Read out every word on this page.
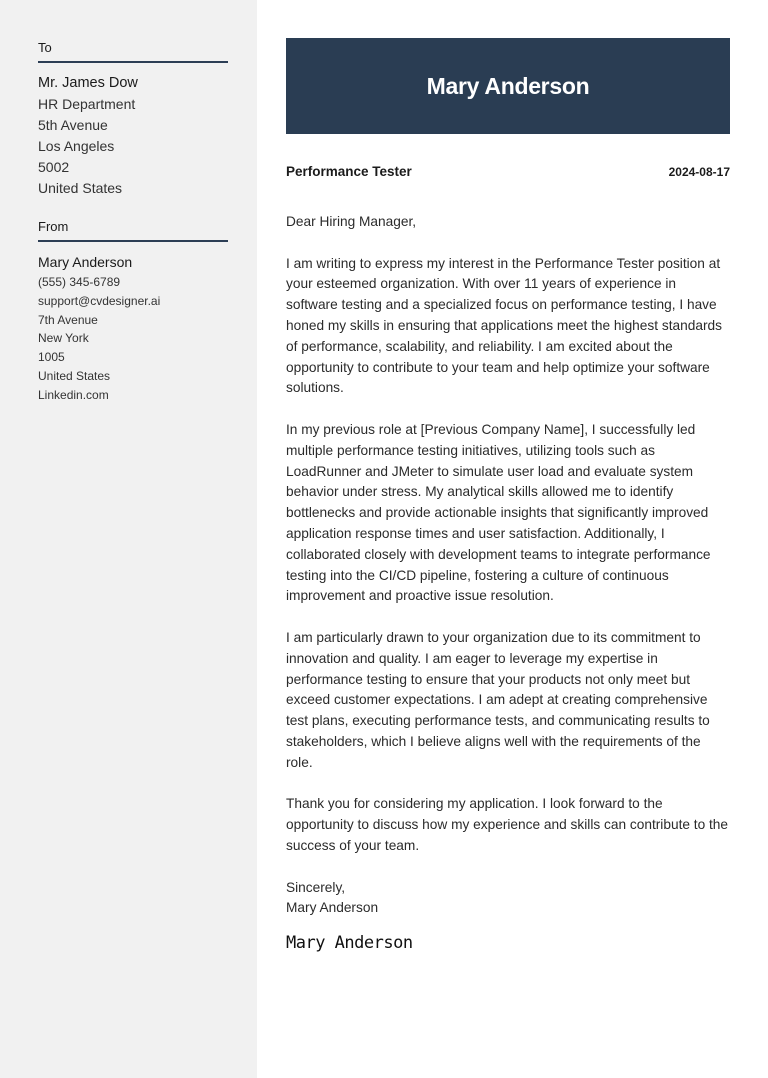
To
Mr. James Dow
HR Department
5th Avenue
Los Angeles
5002
United States
From
Mary Anderson
(555) 345-6789
support@cvdesigner.ai
7th Avenue
New York
1005
United States
Linkedin.com
Mary Anderson
Performance Tester	2024-08-17
Dear Hiring Manager,
I am writing to express my interest in the Performance Tester position at your esteemed organization. With over 11 years of experience in software testing and a specialized focus on performance testing, I have honed my skills in ensuring that applications meet the highest standards of performance, scalability, and reliability. I am excited about the opportunity to contribute to your team and help optimize your software solutions.
In my previous role at [Previous Company Name], I successfully led multiple performance testing initiatives, utilizing tools such as LoadRunner and JMeter to simulate user load and evaluate system behavior under stress. My analytical skills allowed me to identify bottlenecks and provide actionable insights that significantly improved application response times and user satisfaction. Additionally, I collaborated closely with development teams to integrate performance testing into the CI/CD pipeline, fostering a culture of continuous improvement and proactive issue resolution.
I am particularly drawn to your organization due to its commitment to innovation and quality. I am eager to leverage my expertise in performance testing to ensure that your products not only meet but exceed customer expectations. I am adept at creating comprehensive test plans, executing performance tests, and communicating results to stakeholders, which I believe aligns well with the requirements of the role.
Thank you for considering my application. I look forward to the opportunity to discuss how my experience and skills can contribute to the success of your team.
Sincerely,
Mary Anderson
Mary Anderson
